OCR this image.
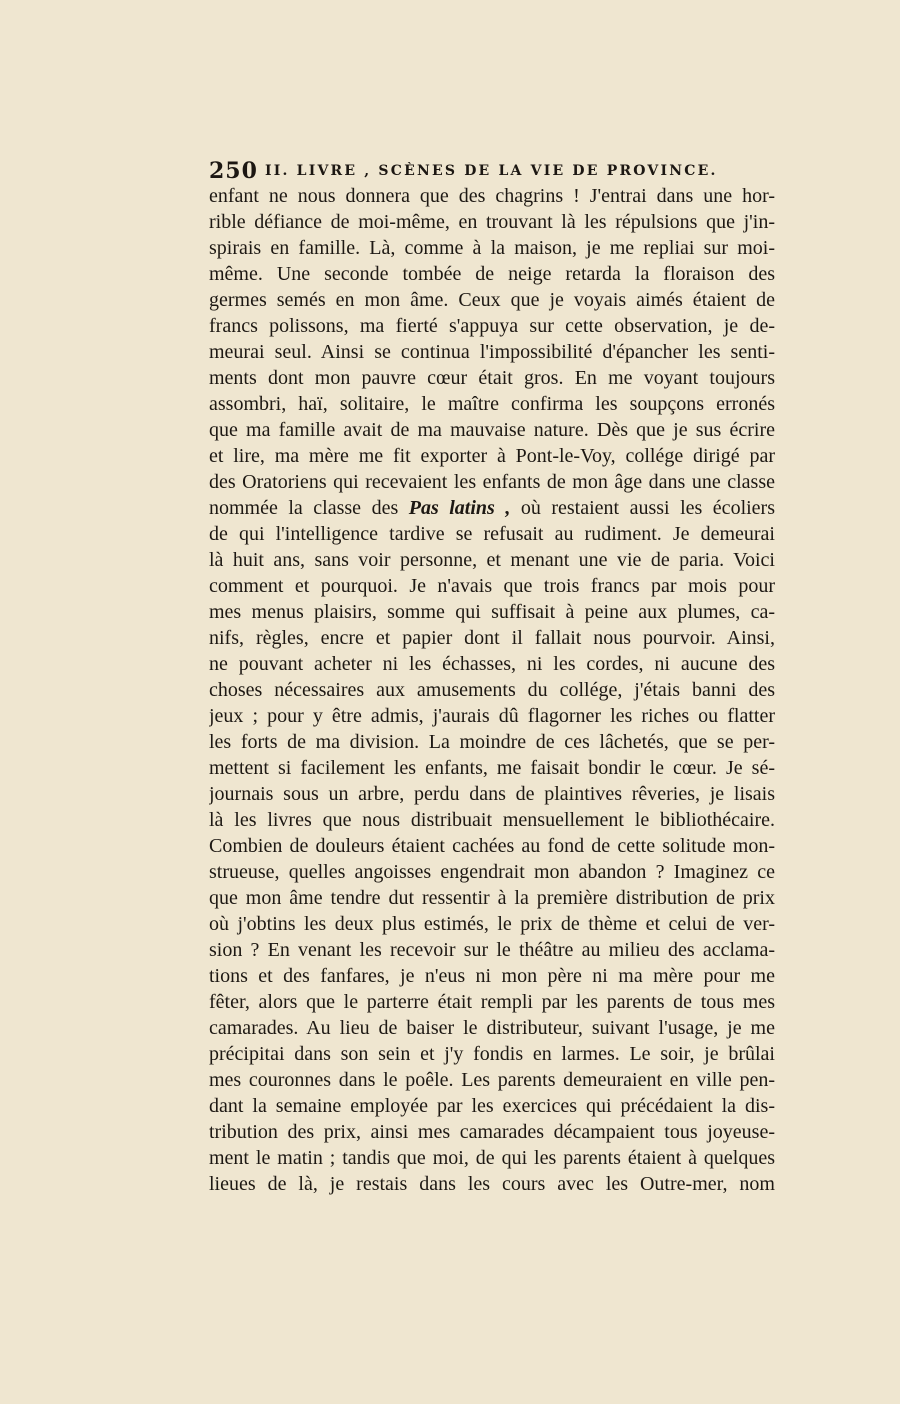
250 II. LIVRE , SCÈNES DE LA VIE DE PROVINCE.
enfant ne nous donnera que des chagrins ! J'entrai dans une hor-
rible défiance de moi-même, en trouvant là les répulsions que j'in-
spirais en famille. Là, comme à la maison, je me repliai sur moi-
même. Une seconde tombée de neige retarda la floraison des
germes semés en mon âme. Ceux que je voyais aimés étaient de
francs polissons, ma fierté s'appuya sur cette observation, je de-
meurai seul. Ainsi se continua l'impossibilité d'épancher les senti-
ments dont mon pauvre cœur était gros. En me voyant toujours
assombri, haï, solitaire, le maître confirma les soupçons erronés
que ma famille avait de ma mauvaise nature. Dès que je sus écrire
et lire, ma mère me fit exporter à Pont-le-Voy, collége dirigé par
des Oratoriens qui recevaient les enfants de mon âge dans une classe
nommée la classe des Pas latins , où restaient aussi les écoliers
de qui l'intelligence tardive se refusait au rudiment. Je demeurai
là huit ans, sans voir personne, et menant une vie de paria. Voici
comment et pourquoi. Je n'avais que trois francs par mois pour
mes menus plaisirs, somme qui suffisait à peine aux plumes, ca-
nifs, règles, encre et papier dont il fallait nous pourvoir. Ainsi,
ne pouvant acheter ni les échasses, ni les cordes, ni aucune des
choses nécessaires aux amusements du collége, j'étais banni des
jeux ; pour y être admis, j'aurais dû flagorner les riches ou flatter
les forts de ma division. La moindre de ces lâchetés, que se per-
mettent si facilement les enfants, me faisait bondir le cœur. Je sé-
journais sous un arbre, perdu dans de plaintives rêveries, je lisais
là les livres que nous distribuait mensuellement le bibliothécaire.
Combien de douleurs étaient cachées au fond de cette solitude mon-
strueuse, quelles angoisses engendrait mon abandon ? Imaginez ce
que mon âme tendre dut ressentir à la première distribution de prix
où j'obtins les deux plus estimés, le prix de thème et celui de ver-
sion ? En venant les recevoir sur le théâtre au milieu des acclama-
tions et des fanfares, je n'eus ni mon père ni ma mère pour me
fêter, alors que le parterre était rempli par les parents de tous mes
camarades. Au lieu de baiser le distributeur, suivant l'usage, je me
précipitai dans son sein et j'y fondis en larmes. Le soir, je brûlai
mes couronnes dans le poêle. Les parents demeuraient en ville pen-
dant la semaine employée par les exercices qui précédaient la dis-
tribution des prix, ainsi mes camarades décampaient tous joyeuse-
ment le matin ; tandis que moi, de qui les parents étaient à quelques
lieues de là, je restais dans les cours avec les Outre-mer, nom
